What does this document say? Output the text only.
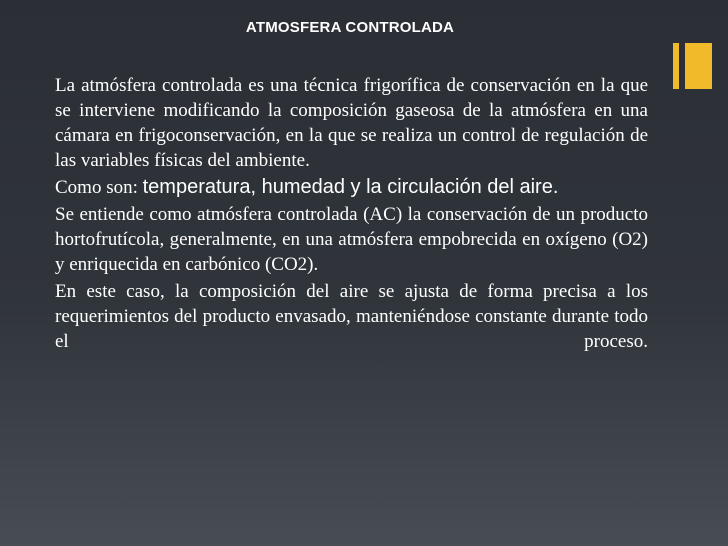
ATMOSFERA CONTROLADA

La atmósfera controlada es una técnica frigorífica de conservación en la que se interviene modificando la composición gaseosa de la atmósfera en una cámara en frigoconservación, en la que se realiza un control de regulación de las variables físicas del ambiente.

Como son: temperatura, humedad y la circulación del aire.

Se entiende como atmósfera controlada (AC) la conservación de un producto hortofrutícola, generalmente, en una atmósfera empobrecida en oxígeno (O2) y enriquecida en carbónico (CO2).

En este caso, la composición del aire se ajusta de forma precisa a los requerimientos del producto envasado, manteniéndose constante durante todo el proceso.
